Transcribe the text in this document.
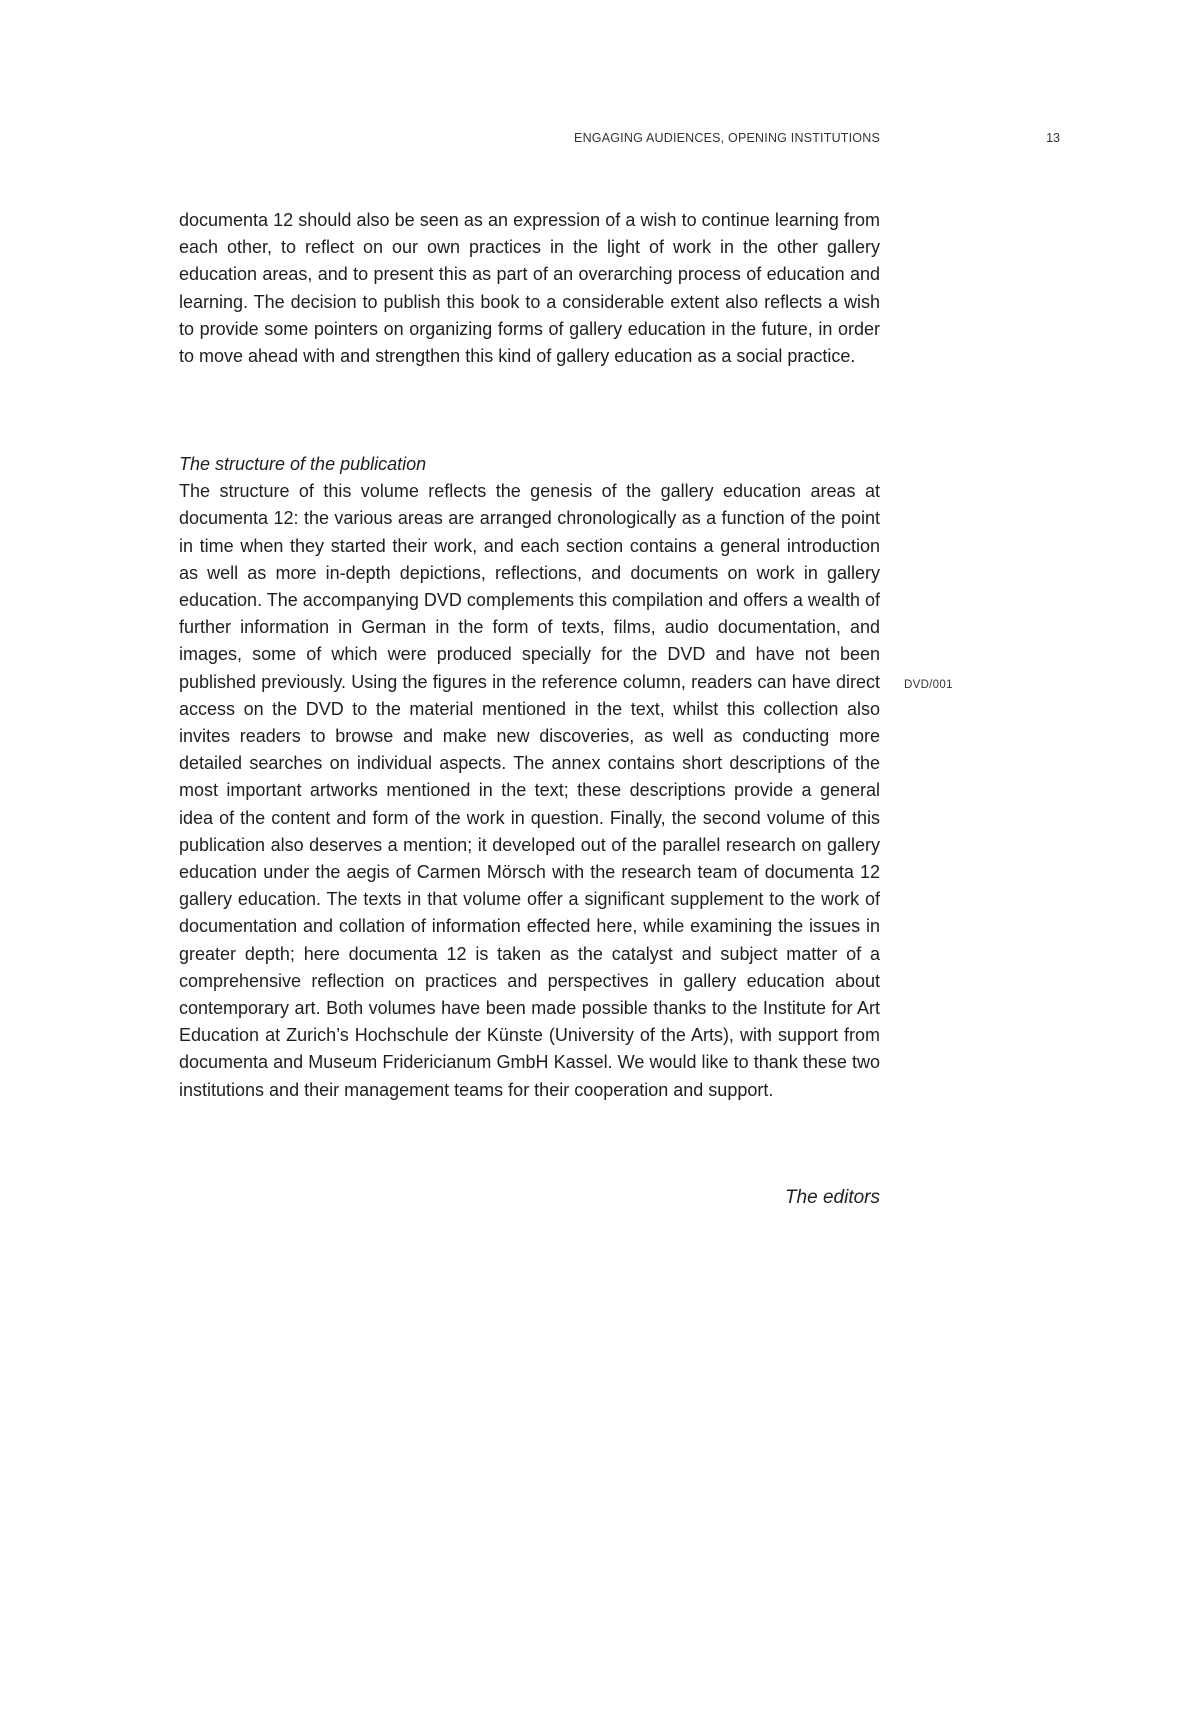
ENGAGING AUDIENCES, OPENING INSTITUTIONS	13

documenta 12 should also be seen as an expression of a wish to continue learning from each other, to reflect on our own practices in the light of work in the other gallery education areas, and to present this as part of an overarching process of education and learning. The decision to publish this book to a considerable extent also reflects a wish to provide some pointers on organizing forms of gallery education in the future, in order to move ahead with and strengthen this kind of gallery education as a social practice.

The structure of the publication

The structure of this volume reflects the genesis of the gallery education areas at documenta 12: the various areas are arranged chronologically as a function of the point in time when they started their work, and each section contains a general introduction as well as more in-depth depictions, reflections, and documents on work in gallery education. The accompanying DVD complements this compilation and offers a wealth of further information in German in the form of texts, films, audio documentation, and images, some of which were produced specially for the DVD and have not been published previously. Using the figures in the reference column, readers can have direct access on the DVD to the material mentioned in the text, whilst this collection also invites readers to browse and make new discoveries, as well as conducting more detailed searches on individual aspects. The annex contains short descriptions of the most important artworks mentioned in the text; these descriptions provide a general idea of the content and form of the work in question. Finally, the second volume of this publication also deserves a mention; it developed out of the parallel research on gallery education under the aegis of Carmen Mörsch with the research team of documenta 12 gallery education. The texts in that volume offer a significant supplement to the work of documentation and collation of information effected here, while examining the issues in greater depth; here documenta 12 is taken as the catalyst and subject matter of a comprehensive reflection on practices and perspectives in gallery education about contemporary art. Both volumes have been made possible thanks to the Institute for Art Education at Zurich’s Hochschule der Künste (University of the Arts), with support from documenta and Museum Fridericianum GmbH Kassel. We would like to thank these two institutions and their management teams for their cooperation and support.

DVD/001
The editors
